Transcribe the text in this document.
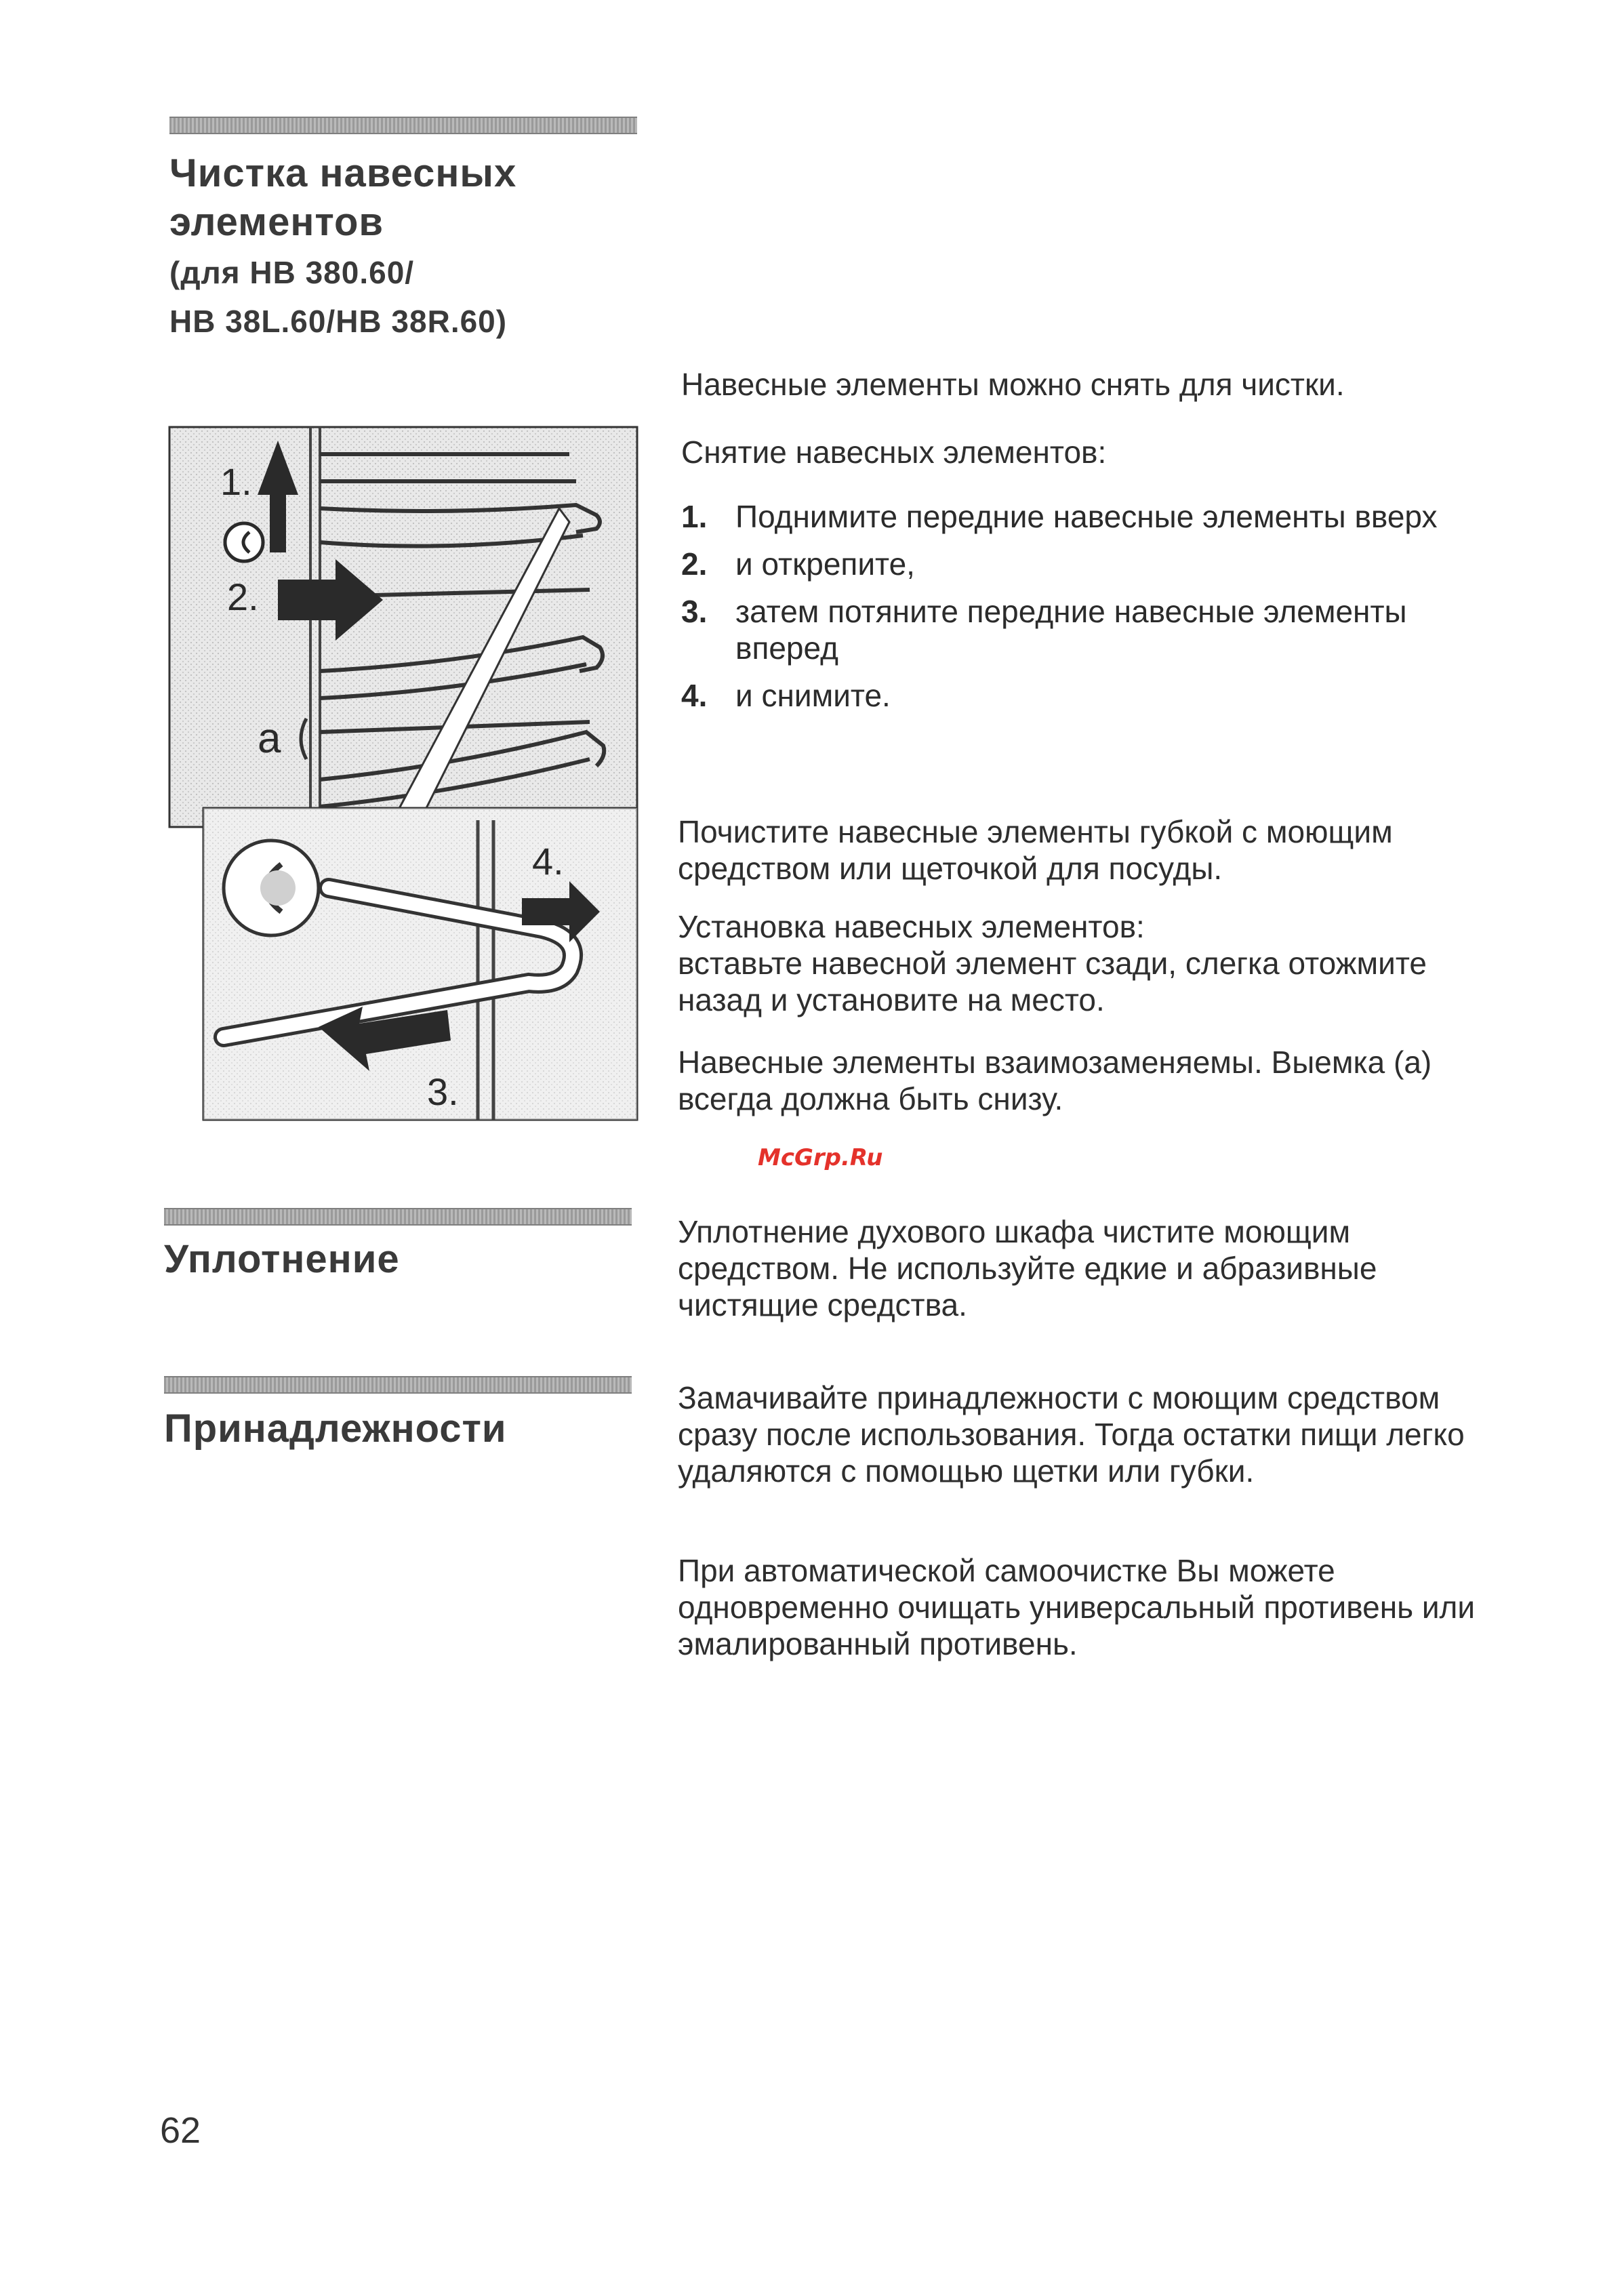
Чистка навесных
элементов
(для НВ 380.60/
НВ 38L.60/НВ 38R.60)
Навесные элементы можно снять для чистки.
Снятие навесных элементов:
1. Поднимите передние навесные элементы вверх
2. и открепите,
3. затем потяните передние навесные элементы вперед
4. и снимите.
Почистите навесные элементы губкой с моющим средством или щеточкой для посуды.
Установка навесных элементов:
вставьте навесной элемент сзади, слегка отожмите назад и установите на место.
Навесные элементы взаимозаменяемы. Выемка (а) всегда должна быть снизу.
1.
2.
a
4.
3.
McGrp.Ru
Уплотнение
Уплотнение духового шкафа чистите моющим средством. Не используйте едкие и абразивные чистящие средства.
Принадлежности
Замачивайте принадлежности с моющим средством сразу после использования. Тогда остатки пищи легко удаляются с помощью щетки или губки.
При автоматической самоочистке Вы можете одновременно очищать универсальный противень или эмалированный противень.
62
